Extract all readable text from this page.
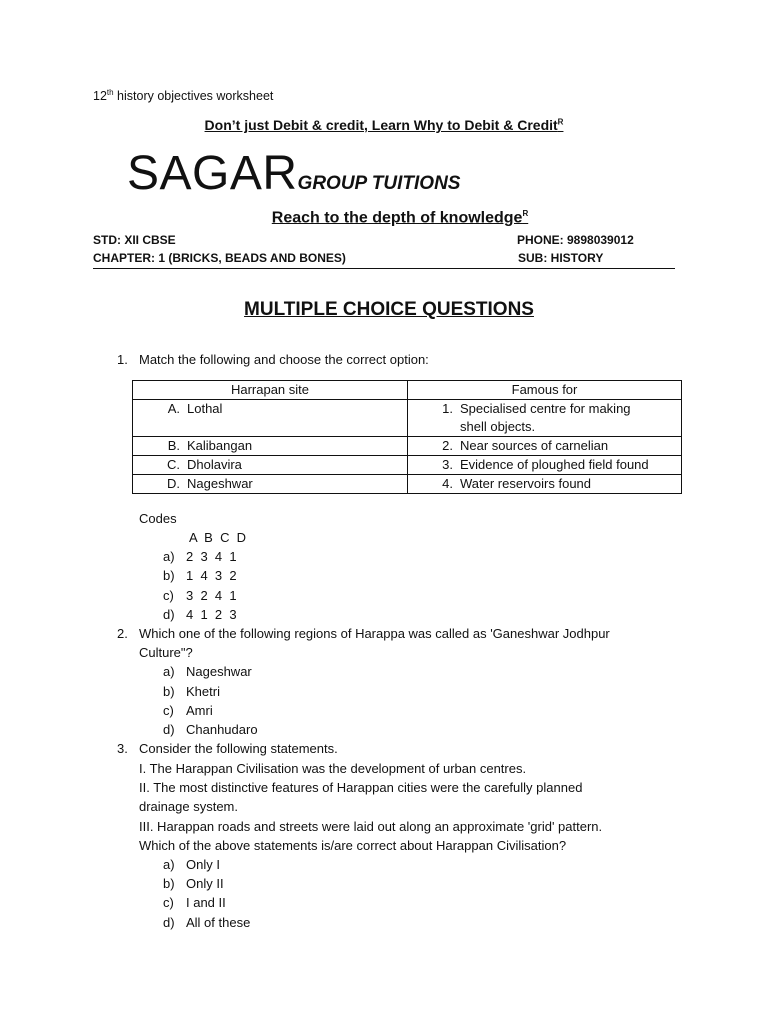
12th history objectives worksheet
Don’t just Debit & credit, Learn Why to Debit & Credit$^R$
SAGARGROUP TUITIONS
Reach to the depth of knowledge$^R$
STD: XII CBSE	PHONE: 9898039012
CHAPTER: 1 (BRICKS, BEADS AND BONES)	SUB: HISTORY
MULTIPLE CHOICE QUESTIONS
1. Match the following and choose the correct option:
Harrapan site	Famous for

A. Lothal	1. Specialised centre for making
shell objects.

B. Kalibangan	2. Near sources of carnelian

C. Dholavira	3. Evidence of ploughed field found

D. Nageshwar	4. Water reservoirs found
Codes
A  B  C  D
a) 2  3  4  1
b) 1  4  3  2
c) 3  2  4  1
d) 4  1  2  3
2. Which one of the following regions of Harappa was called as 'Ganeshwar Jodhpur
Culture"?
a) Nageshwar
b) Khetri
c) Amri
d) Chanhudaro
3. Consider the following statements.
I. The Harappan Civilisation was the development of urban centres.
II. The most distinctive features of Harappan cities were the carefully planned
drainage system.
III. Harappan roads and streets were laid out along an approximate 'grid' pattern.
Which of the above statements is/are correct about Harappan Civilisation?
a) Only I
b) Only II
c) I and II
d) All of these
